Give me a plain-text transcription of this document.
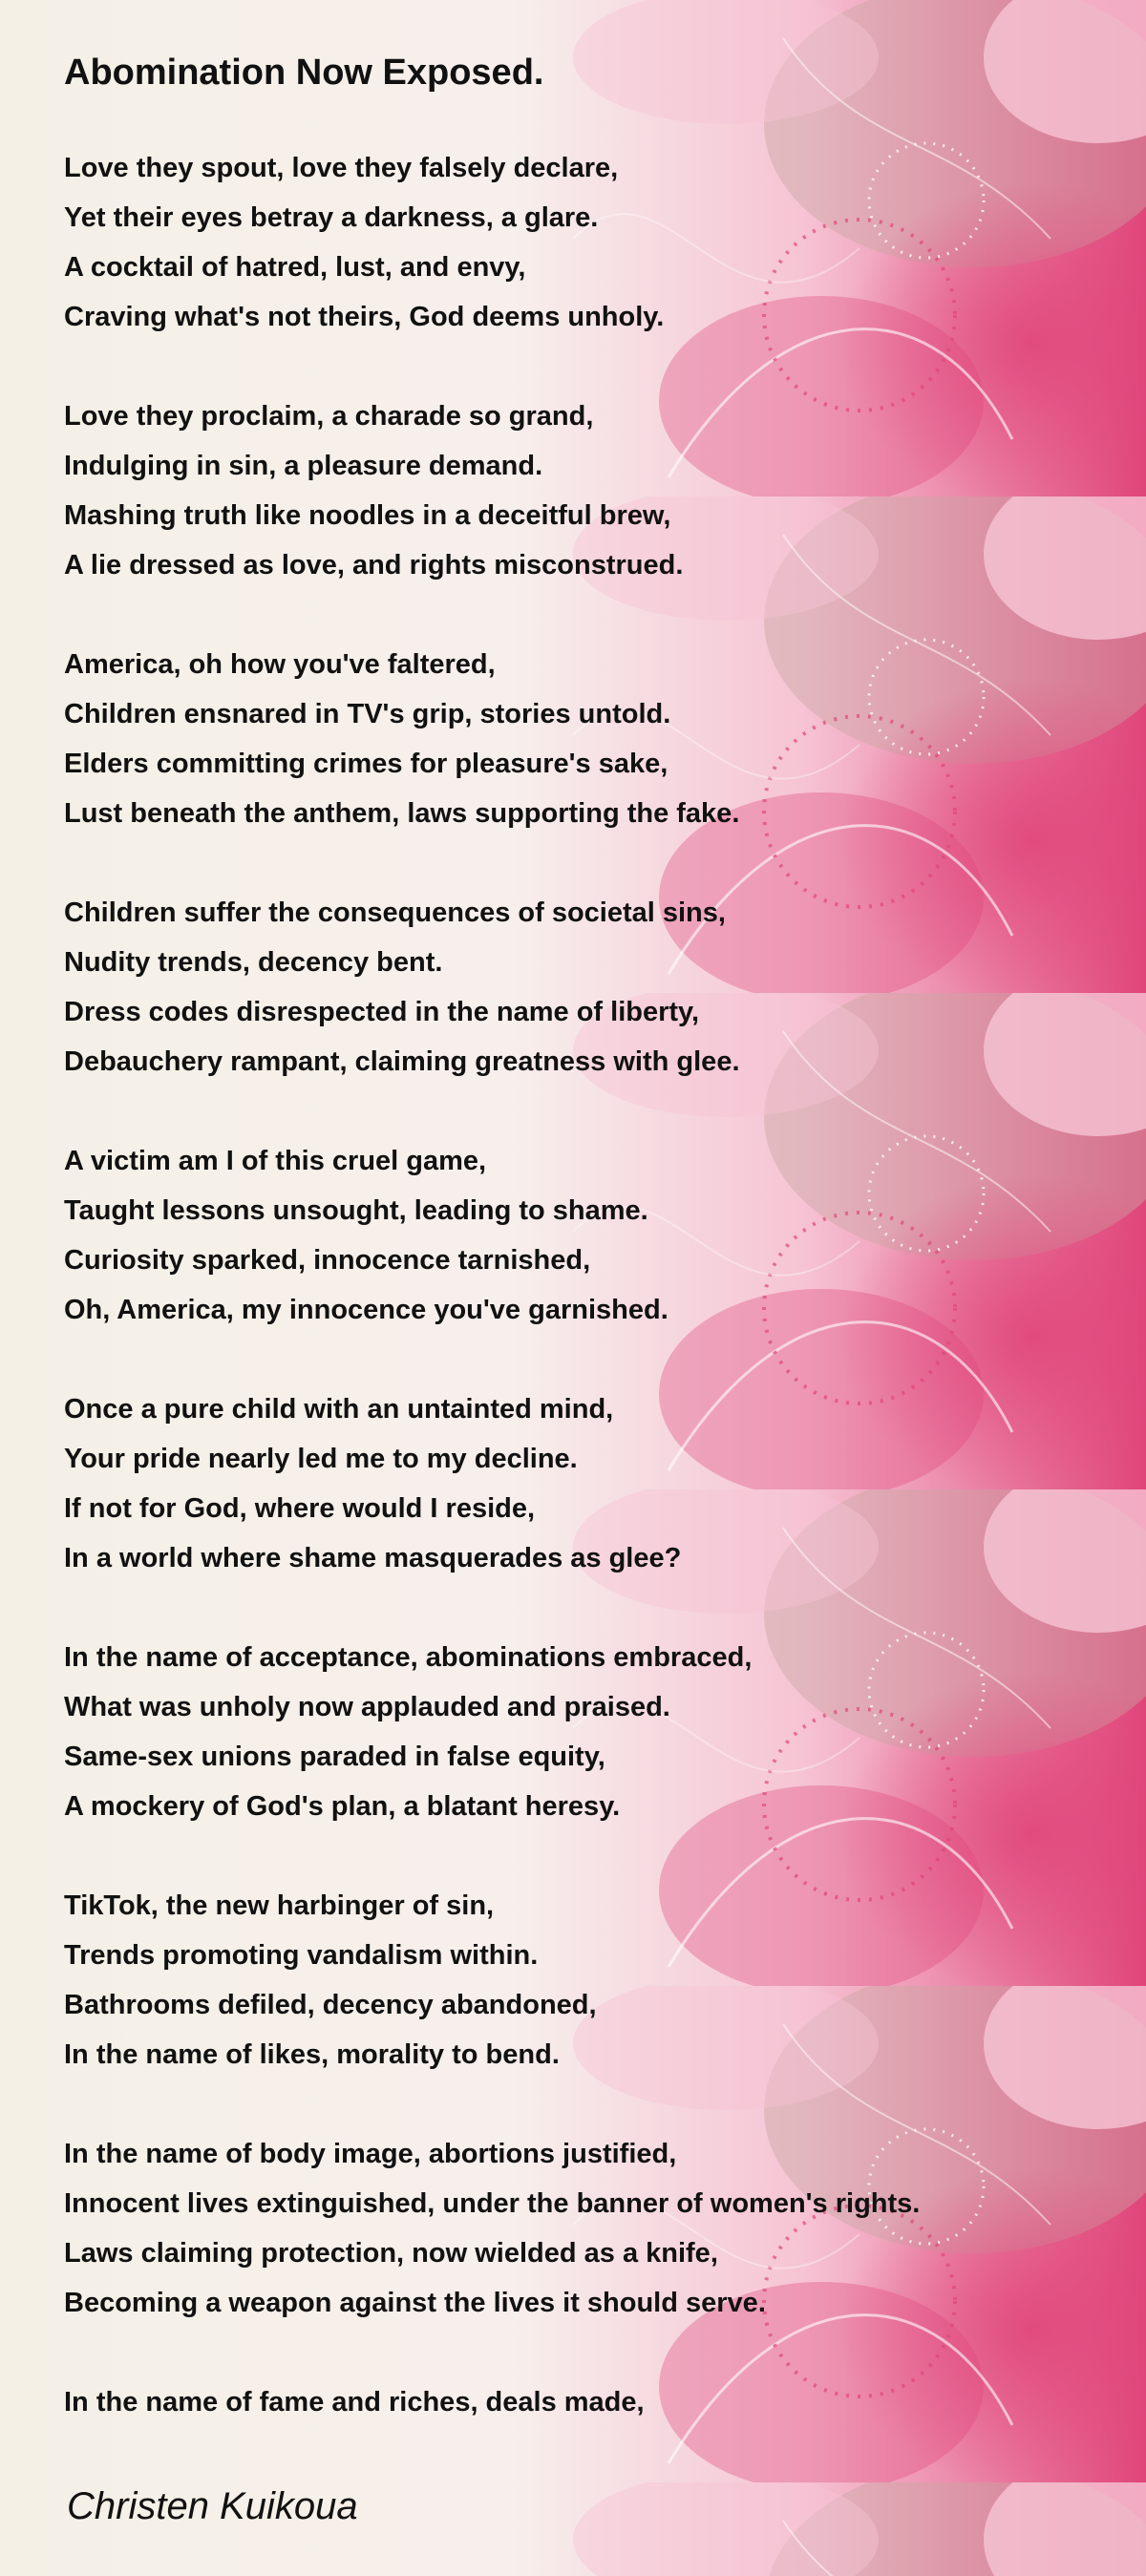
Abomination Now Exposed.
Love they spout, love they falsely declare,
Yet their eyes betray a darkness, a glare.
A cocktail of hatred, lust, and envy,
Craving what's not theirs, God deems unholy.
Love they proclaim, a charade so grand,
Indulging in sin, a pleasure demand.
Mashing truth like noodles in a deceitful brew,
A lie dressed as love, and rights misconstrued.
America, oh how you've faltered,
Children ensnared in TV's grip, stories untold.
Elders committing crimes for pleasure's sake,
Lust beneath the anthem, laws supporting the fake.
Children suffer the consequences of societal sins,
Nudity trends, decency bent.
Dress codes disrespected in the name of liberty,
Debauchery rampant, claiming greatness with glee.
A victim am I of this cruel game,
Taught lessons unsought, leading to shame.
Curiosity sparked, innocence tarnished,
Oh, America, my innocence you've garnished.
Once a pure child with an untainted mind,
Your pride nearly led me to my decline.
If not for God, where would I reside,
In a world where shame masquerades as glee?
In the name of acceptance, abominations embraced,
What was unholy now applauded and praised.
Same-sex unions paraded in false equity,
A mockery of God's plan, a blatant heresy.
TikTok, the new harbinger of sin,
Trends promoting vandalism within.
Bathrooms defiled, decency abandoned,
In the name of likes, morality to bend.
In the name of body image, abortions justified,
Innocent lives extinguished, under the banner of women's rights.
Laws claiming protection, now wielded as a knife,
Becoming a weapon against the lives it should serve.
In the name of fame and riches, deals made,
Christen Kuikoua
